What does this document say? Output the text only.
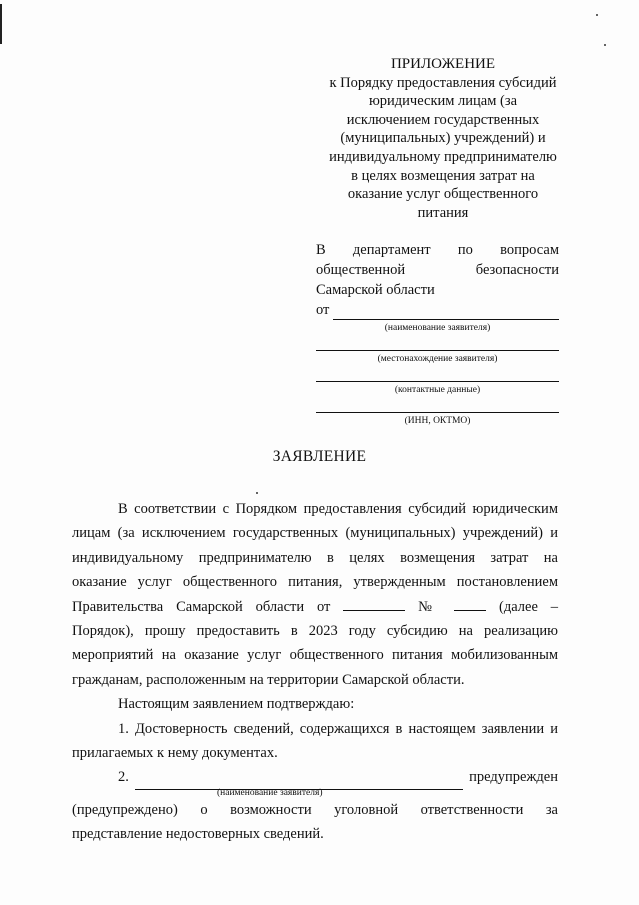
ПРИЛОЖЕНИЕ
к Порядку предоставления субсидий
юридическим лицам (за
исключением государственных
(муниципальных) учреждений) и
индивидуальному предпринимателю
в целях возмещения затрат на
оказание услуг общественного
питания
В департамент по вопросам
общественной безопасности
Самарской области
от
(наименование заявителя)
(местонахождение заявителя)
(контактные данные)
(ИНН, ОКТМО)
ЗАЯВЛЕНИЕ
В соответствии с Порядком предоставления субсидий юридическим
лицам (за исключением государственных (муниципальных) учреждений) и
индивидуальному предпринимателю в целях возмещения затрат на
оказание услуг общественного питания, утвержденным постановлением
Правительства Самарской области от	№	(далее –
Порядок), прошу предоставить в 2023 году субсидию на реализацию
мероприятий на оказание услуг общественного питания мобилизованным

гражданам, расположенным на территории Самарской области.

Настоящим заявлением подтверждаю:

1. Достоверность сведений, содержащихся в настоящем заявлении и

прилагаемых к нему документах.

2.	предупрежден
(наименование заявителя)
(предупреждено) о возможности уголовной ответственности за

представление недостоверных сведений.
